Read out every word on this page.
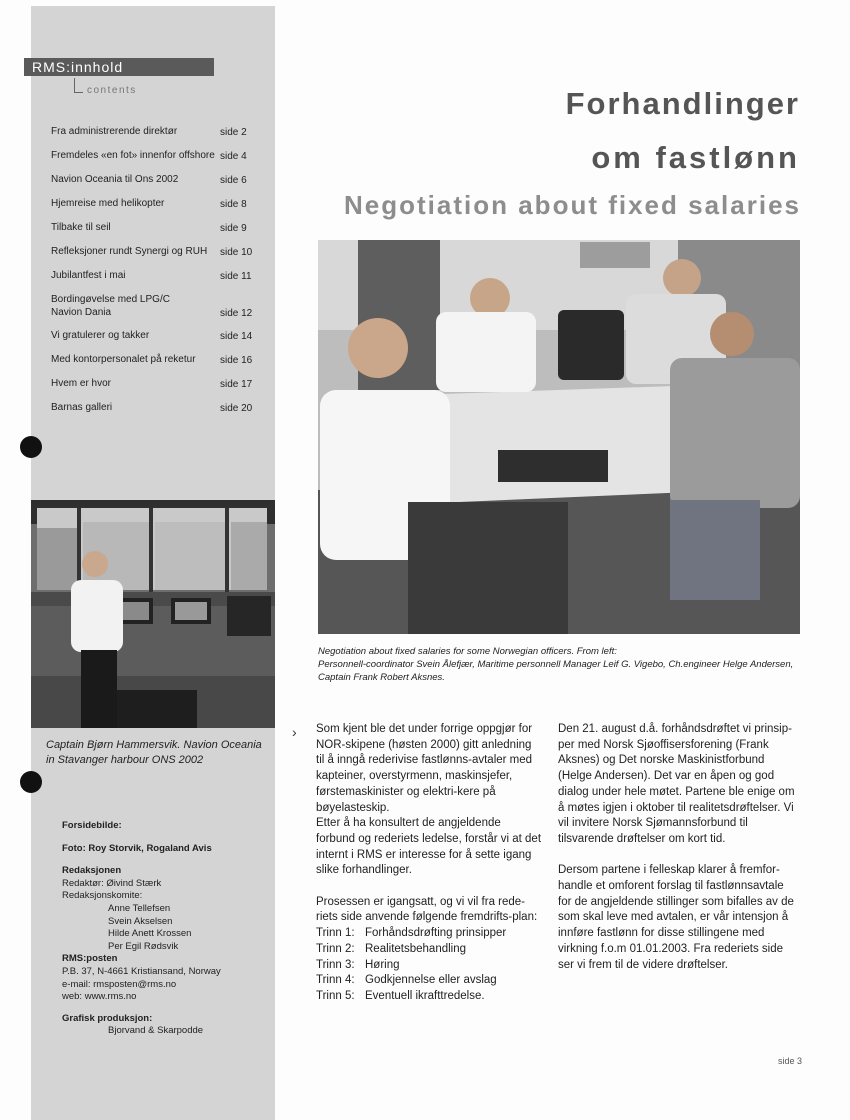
RMS:innhold
contents
Fra administrerende direktør	side 2
Fremdeles «en fot» innenfor offshore side 4
Navion Oceania til Ons 2002	side 6
Hjemreise med helikopter	side 8
Tilbake til seil	side 9
Refleksjoner rundt Synergi og RUH	side 10
Jubilantfest i mai	side 11
Bordingøvelse med LPG/C Navion Dania	side 12
Vi gratulerer og takker	side 14
Med kontorpersonalet på reketur	side 16
Hvem er hvor	side 17
Barnas galleri	side 20
Captain Bjørn Hammersvik. Navion Oceania in Stavanger harbour ONS 2002
Forsidebilde:
Foto: Roy Storvik, Rogaland Avis
Redaksjonen
Redaktør: Øivind Stærk
Redaksjonskomite:
Anne Tellefsen
Svein Akselsen
Hilde Anett Krossen
Per Egil Rødsvik
RMS:posten
P.B. 37, N-4661 Kristiansand, Norway
e-mail: rmsposten@rms.no
web: www.rms.no
Grafisk produksjon:
Bjorvand & Skarpodde
Forhandlinger
om fastlønn
Negotiation about fixed salaries
Negotiation about fixed salaries for some Norwegian officers. From left:
Personnell-coordinator Svein Ålefjær, Maritime personnell Manager Leif G. Vigebo, Ch.engineer Helge Andersen, Captain Frank Robert Aksnes.
› Som kjent ble det under forrige oppgjør for NOR-skipene (høsten 2000) gitt anledning til å inngå rederivise fastlønns-avtaler med kapteiner, overstyrmenn, maskinsjefer, førstemaskinister og elektri-kere på bøyelasteskip.

Etter å ha konsultert de angjeldende forbund og rederiets ledelse, forstår vi at det internt i RMS er interesse for å sette igang slike forhandlinger.

Prosessen er igangsatt, og vi vil fra rede-riets side anvende følgende fremdrifts-plan:

Trinn 1: Forhåndsdrøfting prinsipper
Trinn 2: Realitetsbehandling
Trinn 3: Høring
Trinn 4: Godkjennelse eller avslag
Trinn 5: Eventuell ikrafttredelse.

Den 21. august d.å. forhåndsdrøftet vi prinsip-per med Norsk Sjøoffisersforening (Frank Aksnes) og Det norske Maskinistforbund (Helge Andersen). Det var en åpen og god dialog under hele møtet. Partene ble enige om å møtes igjen i oktober til realitetsdrøftelser. Vi vil invitere Norsk Sjømannsforbund til tilsvarende drøftelser om kort tid.

Dersom partene i felleskap klarer å fremfor-handle et omforent forslag til fastlønnsavtale for de angjeldende stillinger som bifalles av de som skal leve med avtalen, er vår intensjon å innføre fastlønn for disse stillingene med virkning f.o.m 01.01.2003. Fra rederiets side ser vi frem til de videre drøftelser.

side 3
